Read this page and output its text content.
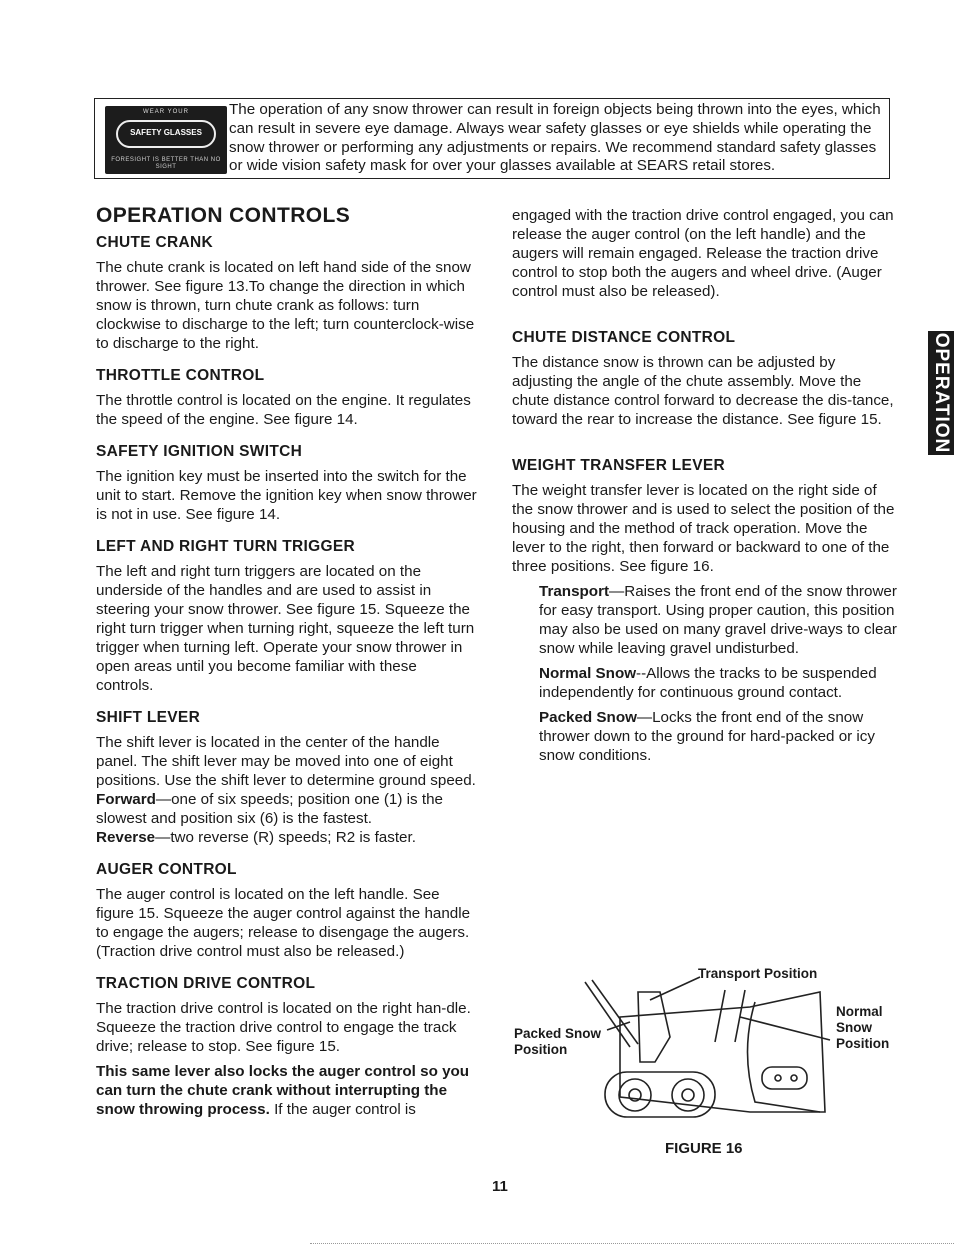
WEAR YOUR
SAFETY GLASSES
FORESIGHT IS BETTER THAN NO SIGHT
The operation of any snow thrower can result in foreign objects being thrown into the eyes, which can result in severe eye damage. Always wear safety glasses or eye shields while operating the snow thrower or performing any adjustments or repairs. We recommend standard safety glasses or wide vision safety mask for over your glasses available at SEARS retail stores.
OPERATION CONTROLS
CHUTE CRANK

The chute crank is located on left hand side of the snow thrower. See figure 13.To change the direction in which snow is thrown, turn chute crank as follows: turn clockwise to discharge to the left; turn counterclock-wise to discharge to the right.

THROTTLE CONTROL

The throttle control is located on the engine. It regulates the speed of the engine. See figure 14.

SAFETY IGNITION SWITCH

The ignition key must be inserted into the switch for the unit to start. Remove the ignition key when snow thrower is not in use. See figure 14.

LEFT AND RIGHT TURN TRIGGER

The left and right turn triggers are located on the underside of the handles and are used to assist in steering your snow thrower. See figure 15. Squeeze the right turn trigger when turning right, squeeze the left turn trigger when turning left. Operate your snow thrower in open areas until you become familiar with these controls.

SHIFT LEVER

The shift lever is located in the center of the handle panel. The shift lever may be moved into one of eight positions. Use the shift lever to determine ground speed. Forward—one of six speeds; position one (1) is the slowest and position six (6) is the fastest.
Reverse—two reverse (R) speeds; R2 is faster.

AUGER CONTROL

The auger control is located on the left handle. See figure 15. Squeeze the auger control against the handle to engage the augers; release to disengage the augers. (Traction drive control must also be released.)

TRACTION DRIVE CONTROL

The traction drive control is located on the right han-dle. Squeeze the traction drive control to engage the track drive; release to stop. See figure 15.

This same lever also locks the auger control so you can turn the chute crank without interrupting the snow throwing process. If the auger control is

engaged with the traction drive control engaged, you can release the auger control (on the left handle) and the augers will remain engaged. Release the traction drive control to stop both the augers and wheel drive. (Auger control must also be released).

CHUTE DISTANCE CONTROL

The distance snow is thrown can be adjusted by adjusting the angle of the chute assembly. Move the chute distance control forward to decrease the dis-tance, toward the rear to increase the distance. See figure 15.

WEIGHT TRANSFER LEVER

The weight transfer lever is located on the right side of the snow thrower and is used to select the position of the housing and the method of track operation. Move the lever to the right, then forward or backward to one of the three positions. See figure 16.

Transport—Raises the front end of the snow thrower for easy transport. Using proper caution, this position may also be used on many gravel drive-ways to clear snow while leaving gravel undisturbed.

Normal Snow--Allows the tracks to be suspended independently for continuous ground contact.

Packed Snow—Locks the front end of the snow thrower down to the ground for hard-packed or icy snow conditions.

OPERATION
Transport Position
Packed Snow Position
Normal Snow Position
FIGURE 16
11
